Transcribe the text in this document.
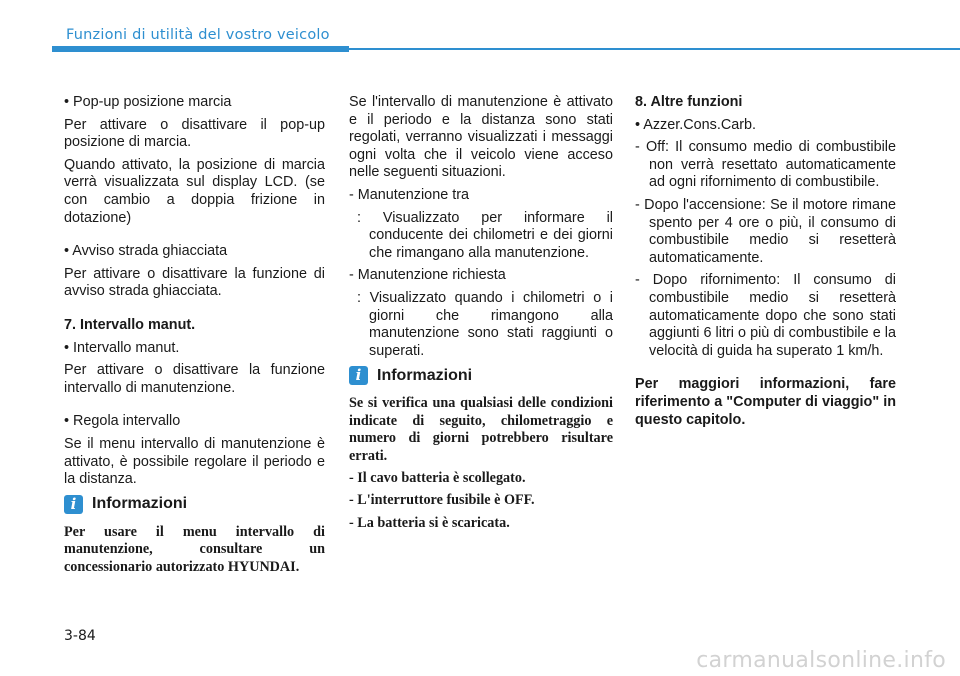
Funzioni di utilità del vostro veicolo
• Pop-up posizione marcia
Per attivare o disattivare il pop-up posizione di marcia.
Quando attivato, la posizione di marcia verrà visualizzata sul display LCD. (se con cambio a doppia frizione in dotazione)
• Avviso strada ghiacciata
Per attivare o disattivare la funzione di avviso strada ghiacciata.
7. Intervallo manut.
• Intervallo manut.
Per attivare o disattivare la funzione intervallo di manutenzione.
• Regola intervallo
Se il menu intervallo di manutenzione è attivato, è possibile regolare il periodo e la distanza.
i Informazioni
Per usare il menu intervallo di manutenzione, consultare un concessionario autorizzato HYUNDAI.
Se l'intervallo di manutenzione è attivato e il periodo e la distanza sono stati regolati, verranno visualizzati i messaggi ogni volta che il veicolo viene acceso nelle seguenti situazioni.
- Manutenzione tra
: Visualizzato per informare il conducente dei chilometri e dei giorni che rimangano alla manutenzione.
- Manutenzione richiesta
: Visualizzato quando i chilometri o i giorni che rimangono alla manutenzione sono stati raggiunti o superati.
i Informazioni
Se si verifica una qualsiasi delle condizioni indicate di seguito, chilometraggio e numero di giorni potrebbero risultare errati.
- Il cavo batteria è scollegato.
- L'interruttore fusibile è OFF.
- La batteria si è scaricata.
8. Altre funzioni
• Azzer.Cons.Carb.
- Off: Il consumo medio di combustibile non verrà resettato automaticamente ad ogni rifornimento di combustibile.
- Dopo l'accensione: Se il motore rimane spento per 4 ore o più, il consumo di combustibile medio si resetterà automaticamente.
- Dopo rifornimento: Il consumo di combustibile medio si resetterà automaticamente dopo che sono stati aggiunti 6 litri o più di combustibile e la velocità di guida ha superato 1 km/h.
Per maggiori informazioni, fare riferimento a "Computer di viaggio" in questo capitolo.
3-84
carmanualsonline.info
